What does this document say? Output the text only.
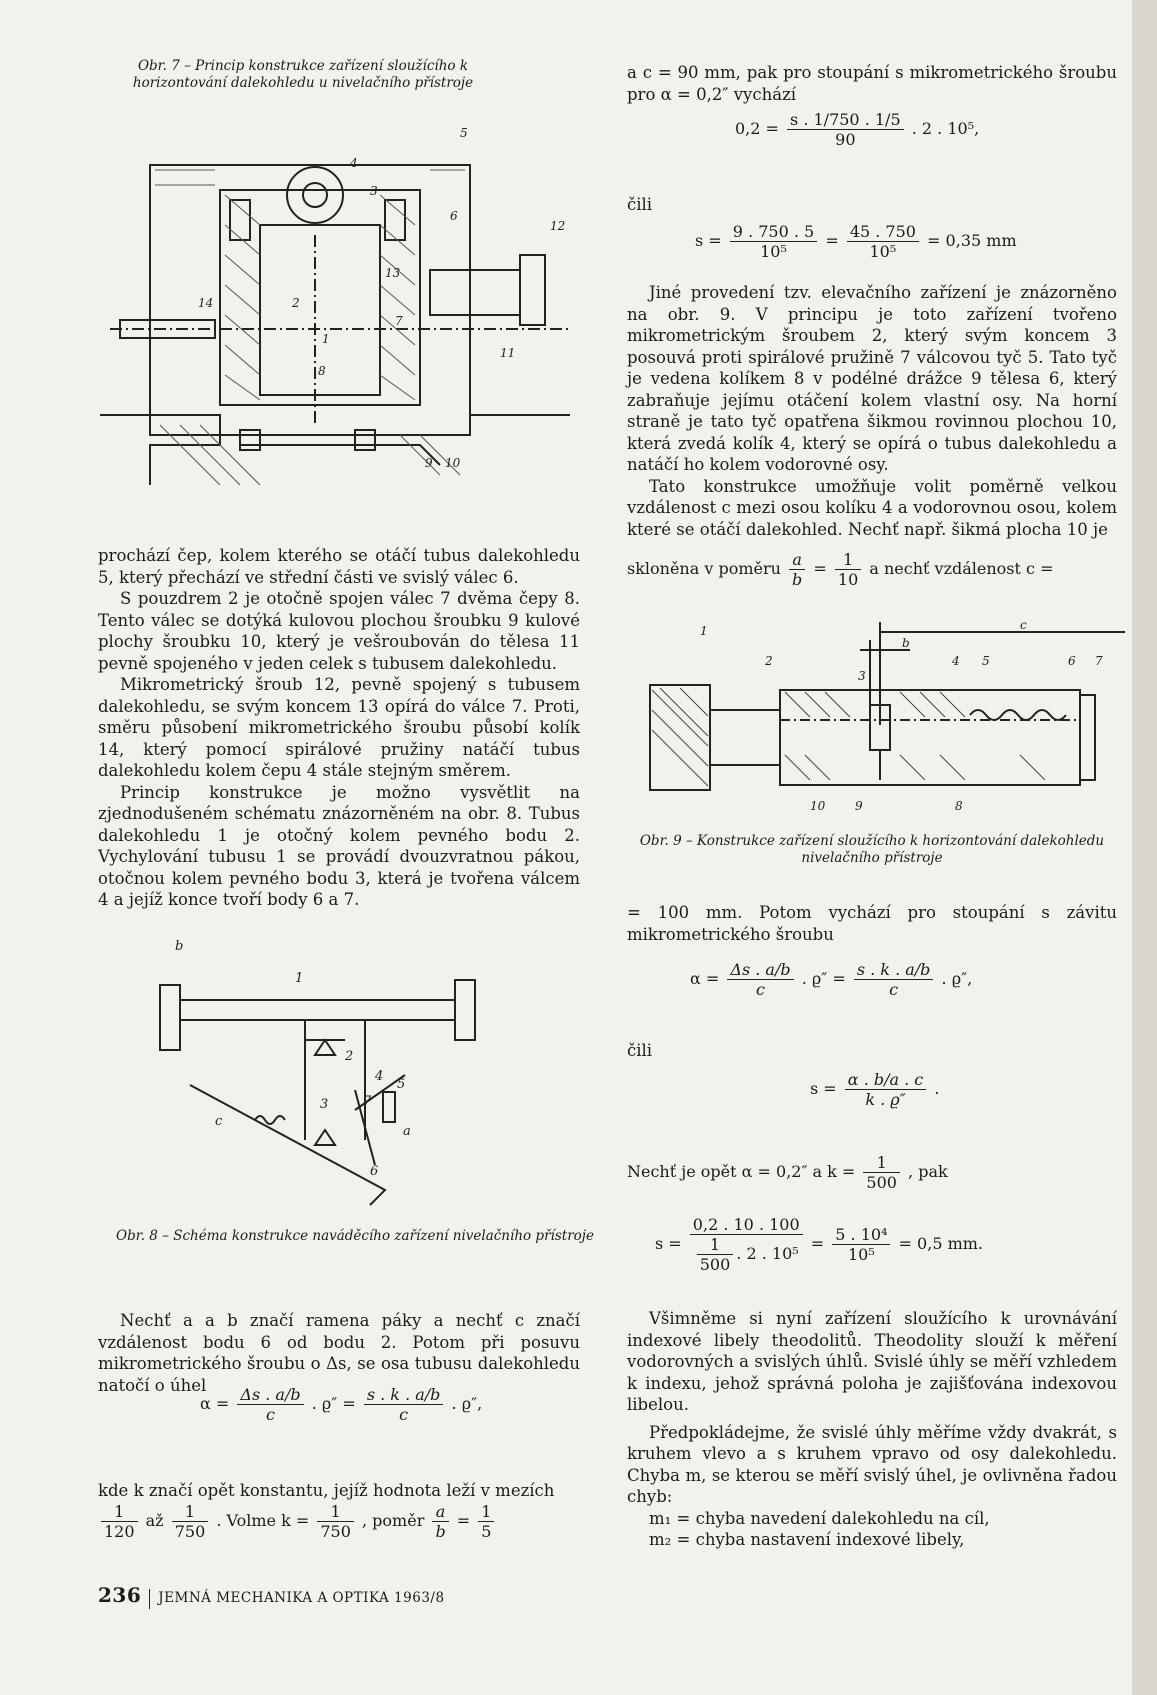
Obr. 7 – Princip konstrukce zařízení sloužícího k horizontování dalekohledu u nivelačního přístroje
5
4
3
6
12
13
14	2
1
7
8
11
9 10

prochází čep, kolem kterého se otáčí tubus dalekohledu 5, který přechází ve střední části ve svislý válec 6.

S pouzdrem 2 je otočně spojen válec 7 dvěma čepy 8. Tento válec se dotýká kulovou plochou šroubku 9 kulové plochy šroubku 10, který je vešroubován do tělesa 11 pevně spojeného v jeden celek s tubusem dalekohledu.

Mikrometrický šroub 12, pevně spojený s tubusem dalekohledu, se svým koncem 13 opírá do válce 7. Proti, směru působení mikrometrického šroubu působí kolík 14, který pomocí spirálové pružiny natáčí tubus dalekohledu kolem čepu 4 stále stejným směrem.

Princip konstrukce je možno vysvětlit na zjednodušeném schématu znázorněném na obr. 8. Tubus dalekohledu 1 je otočný kolem pevného bodu 2. Vychylování tubusu 1 se provádí dvouzvratnou pákou, otočnou kolem pevného bodu 3, která je tvořena válcem 4 a jejíž konce tvoří body 6 a 7.

b
1
2
3
4
5
a
7
c
6
Obr. 8 – Schéma konstrukce naváděcího zařízení nivelačního přístroje

Nechť a a b značí ramena páky a nechť c značí vzdálenost bodu 6 od bodu 2. Potom při posuvu mikrometrického šroubu o Δs, se osa tubusu dalekohledu natočí o úhel

$\alpha = \frac{\Delta s . a/b}{c}$ . $ϱ'' = \frac{s . k . a/b}{c}$ . ϱ″,

kde k značí opět konstantu, jejíž hodnota leží v mezích

$\frac{1}{120}$ až $\frac{1}{750}$ . Volme $k = \frac{1}{750}$ , poměr $\frac{a}{b} = \frac{1}{5}$
236 JEMNÁ MECHANIKA A OPTIKA 1963/8

a c = 90 mm, pak pro stoupání s mikrometrického šroubu pro α = 0,2″ vychází

$0,2 = \frac{s . 1/750 . 1/5}{90}$ . 2 . 10⁵,
čili
$s = \frac{9 . 750 . 5}{\text{10⁵}} = \frac{45 . 750}{\text{10⁵}} = 0,35$ mm

Jiné provedení tzv. elevačního zařízení je znázorněno na obr. 9. V principu je toto zařízení tvořeno mikrometrickým šroubem 2, který svým koncem 3 posouvá proti spirálové pružině 7 válcovou tyč 5. Tato tyč je vedena kolíkem 8 v podélné drážce 9 tělesa 6, který zabraňuje jejímu otáčení kolem vlastní osy. Na horní straně je tato tyč opatřena šikmou rovinnou plochou 10, která zvedá kolík 4, který se opírá o tubus dalekohledu a natáčí ho kolem vodorovné osy.

Tato konstrukce umožňuje volit poměrně velkou vzdálenost c mezi osou kolíku 4 a vodorovnou osou, kolem které se otáčí dalekohled. Nechť např. šikmá plocha 10 je

skloněna v poměru $\frac{a}{b} = \frac{1}{10}$ a nechť vzdálenost c =
c
b
1
2
3
4 5	6 7
10 9	8
Obr. 9 – Konstrukce zařízení sloužícího k horizontování dalekohledu nivelačního přístroje

= 100 mm. Potom vychází pro stoupání s závitu mikrometrického šroubu

$\alpha = \frac{\Delta s . a/b}{c}$ . $ϱ'' = \frac{s . k . a/b}{c}$ . ϱ″,
čili
$s = \frac{\alpha . b/a . c}{k . ϱ''}$ .
Nechť je opět α = 0,2″ a $k = \frac{1}{500}$ , pak
$s = \frac{0,2 . 10 . 100}{\frac{1}{500} . 2 . 10^5} = \frac{\text{5 . 10⁴}}{\text{10⁵}} = 0,5$ mm.

Všimněme si nyní zařízení sloužícího k urovnávání indexové libely theodolitů. Theodolity slouží k měření vodorovných a svislých úhlů. Svislé úhly se měří vzhledem k indexu, jehož správná poloha je zajišťována indexovou libelou.

Předpokládejme, že svislé úhly měříme vždy dvakrát, s kruhem vlevo a s kruhem vpravo od osy dalekohledu. Chyba m, se kterou se měří svislý úhel, je ovlivněna řadou chyb:

m₁ = chyba navedení dalekohledu na cíl,

m₂ = chyba nastavení indexové libely,
